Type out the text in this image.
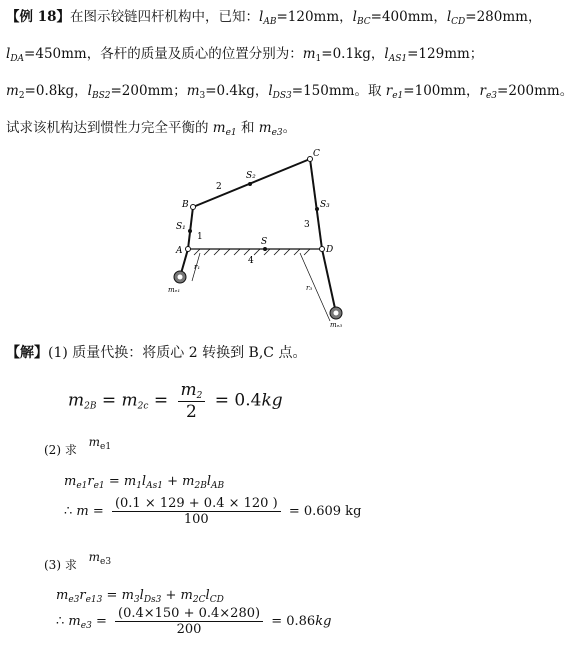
【例 18】在图示铰链四杆机构中，已知：$l_{AB}=120mm$，$l_{BC}=400mm$，$l_{CD}=280mm$，
$l_{DA}=450mm$，各杆的质量及质心的位置分别为：$m_1=0.1kg$，$l_{AS1}=129mm$；
$m_2=0.8kg$，$l_{BS2}=200mm$；$m_3=0.4kg$，$l_{DS3}=150mm$。取 $r_{e1}=100mm$，$r_{e3}=200mm$。
试求该机构达到惯性力完全平衡的 $m_{e1}$ 和 $m_{e3}$。
A
B
C
D
S₁
S₂
S₃
S
1
2
3
4
r₁
r₃
mₑ₁
mₑ₃
【解】(1) 质量代换：将质心 2 转换到 B,C 点。
$m_{2B} = m_{2c} = \frac{m_2}{2} = 0.4kg$
(2) 求 $m_{e1}$
$m_{e1}r_{e1} = m_1l_{As1} + m_{2B}l_{AB}$
∴ $m = \frac{(0.1 \times 129 + 0.4 \times 120 )}{100} = 0.609$ kg
(3) 求 $m_{e3}$
$m_{e3}r_{e13} = m_3l_{Ds3} + m_{2C}l_{CD}$
∴ $m_{e3} = \frac{(0.4\times 150 + 0.4\times 280)}{200} = 0.86kg$
